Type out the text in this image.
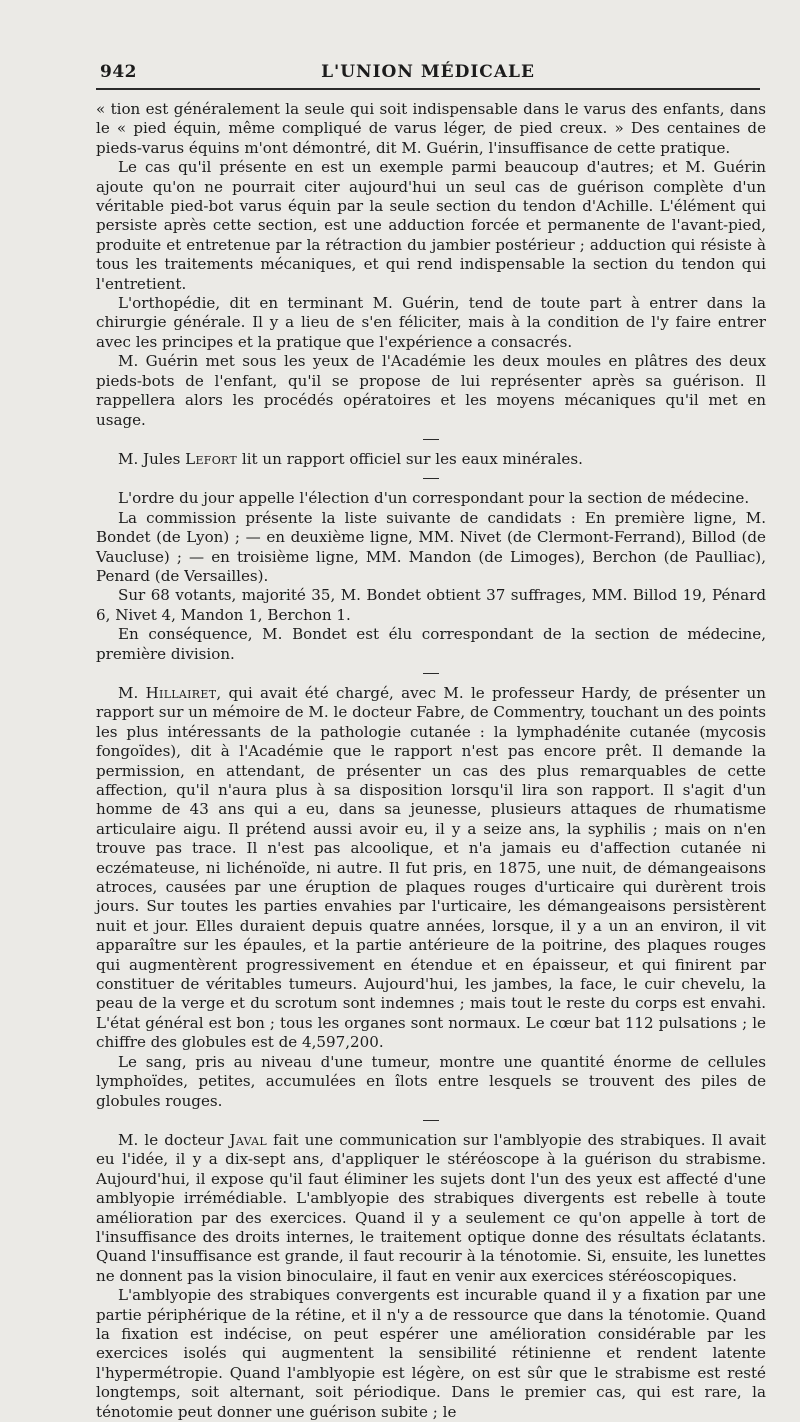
942	L'UNION MÉDICALE

« tion est généralement la seule qui soit indispensable dans le varus des enfants, dans le « pied équin, même compliqué de varus léger, de pied creux. » Des centaines de pieds-varus équins m'ont démontré, dit M. Guérin, l'insuffisance de cette pratique.

Le cas qu'il présente en est un exemple parmi beaucoup d'autres; et M. Guérin ajoute qu'on ne pourrait citer aujourd'hui un seul cas de guérison complète d'un véritable pied-bot varus équin par la seule section du tendon d'Achille. L'élément qui persiste après cette section, est une adduction forcée et permanente de l'avant-pied, produite et entretenue par la rétraction du jambier postérieur ; adduction qui résiste à tous les traitements mécaniques, et qui rend indispensable la section du tendon qui l'entretient.

L'orthopédie, dit en terminant M. Guérin, tend de toute part à entrer dans la chirurgie générale. Il y a lieu de s'en féliciter, mais à la condition de l'y faire entrer avec les principes et la pratique que l'expérience a consacrés.

M. Guérin met sous les yeux de l'Académie les deux moules en plâtres des deux pieds-bots de l'enfant, qu'il se propose de lui représenter après sa guérison. Il rappellera alors les procédés opératoires et les moyens mécaniques qu'il met en usage.

M. Jules Lefort lit un rapport officiel sur les eaux minérales.

L'ordre du jour appelle l'élection d'un correspondant pour la section de médecine.

La commission présente la liste suivante de candidats : En première ligne, M. Bondet (de Lyon) ; — en deuxième ligne, MM. Nivet (de Clermont-Ferrand), Billod (de Vaucluse) ; — en troisième ligne, MM. Mandon (de Limoges), Berchon (de Paulliac), Penard (de Versailles).

Sur 68 votants, majorité 35, M. Bondet obtient 37 suffrages, MM. Billod 19, Pénard 6, Nivet 4, Mandon 1, Berchon 1.

En conséquence, M. Bondet est élu correspondant de la section de médecine, première division.

M. Hillairet, qui avait été chargé, avec M. le professeur Hardy, de présenter un rapport sur un mémoire de M. le docteur Fabre, de Commentry, touchant un des points les plus intéressants de la pathologie cutanée : la lymphadénite cutanée (mycosis fongoïdes), dit à l'Académie que le rapport n'est pas encore prêt. Il demande la permission, en attendant, de présenter un cas des plus remarquables de cette affection, qu'il n'aura plus à sa disposition lorsqu'il lira son rapport. Il s'agit d'un homme de 43 ans qui a eu, dans sa jeunesse, plusieurs attaques de rhumatisme articulaire aigu. Il prétend aussi avoir eu, il y a seize ans, la syphilis ; mais on n'en trouve pas trace. Il n'est pas alcoolique, et n'a jamais eu d'affection cutanée ni eczémateuse, ni lichénoïde, ni autre. Il fut pris, en 1875, une nuit, de démangeaisons atroces, causées par une éruption de plaques rouges d'urticaire qui durèrent trois jours. Sur toutes les parties envahies par l'urticaire, les démangeaisons persistèrent nuit et jour. Elles duraient depuis quatre années, lorsque, il y a un an environ, il vit apparaître sur les épaules, et la partie antérieure de la poitrine, des plaques rouges qui augmentèrent progressivement en étendue et en épaisseur, et qui finirent par constituer de véritables tumeurs. Aujourd'hui, les jambes, la face, le cuir chevelu, la peau de la verge et du scrotum sont indemnes ; mais tout le reste du corps est envahi. L'état général est bon ; tous les organes sont normaux. Le cœur bat 112 pulsations ; le chiffre des globules est de 4,597,200.

Le sang, pris au niveau d'une tumeur, montre une quantité énorme de cellules lymphoïdes, petites, accumulées en îlots entre lesquels se trouvent des piles de globules rouges.

M. le docteur Javal fait une communication sur l'amblyopie des strabiques. Il avait eu l'idée, il y a dix-sept ans, d'appliquer le stéréoscope à la guérison du strabisme. Aujourd'hui, il expose qu'il faut éliminer les sujets dont l'un des yeux est affecté d'une amblyopie irrémédiable. L'amblyopie des strabiques divergents est rebelle à toute amélioration par des exercices. Quand il y a seulement ce qu'on appelle à tort de l'insuffisance des droits internes, le traitement optique donne des résultats éclatants. Quand l'insuffisance est grande, il faut recourir à la ténotomie. Si, ensuite, les lunettes ne donnent pas la vision binoculaire, il faut en venir aux exercices stéréoscopiques.

L'amblyopie des strabiques convergents est incurable quand il y a fixation par une partie périphérique de la rétine, et il n'y a de ressource que dans la ténotomie. Quand la fixation est indécise, on peut espérer une amélioration considérable par les exercices isolés qui augmentent la sensibilité rétinienne et rendent latente l'hypermétropie. Quand l'amblyopie est légère, on est sûr que le strabisme est resté longtemps, soit alternant, soit périodique. Dans le premier cas, qui est rare, la ténotomie peut donner une guérison subite ; le
